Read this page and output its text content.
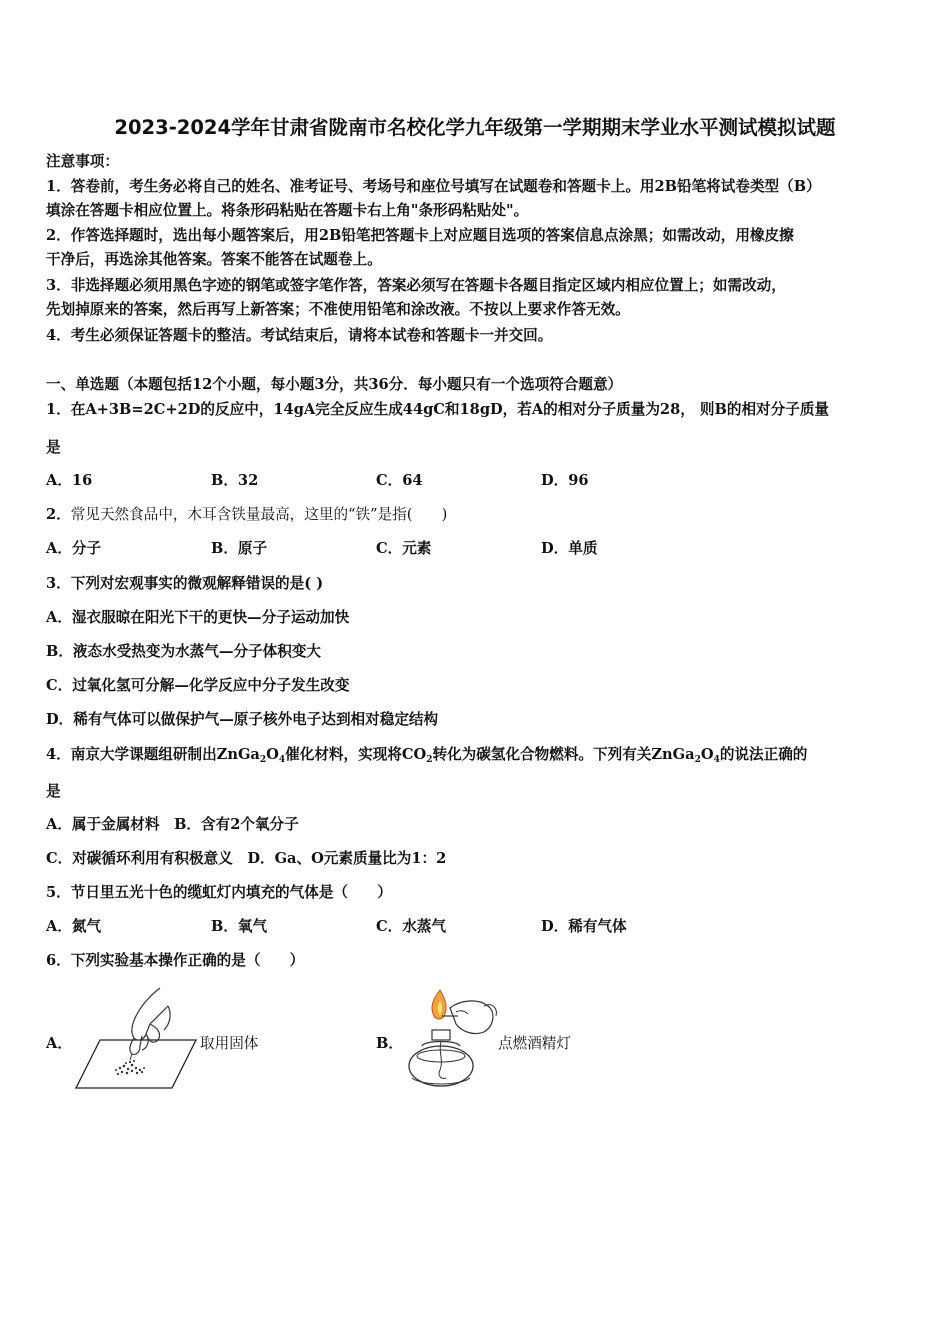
2023-2024学年甘肃省陇南市名校化学九年级第一学期期末学业水平测试模拟试题
注意事项：
1．答卷前，考生务必将自己的姓名、准考证号、考场号和座位号填写在试题卷和答题卡上。用2B铅笔将试卷类型（B）
填涂在答题卡相应位置上。将条形码粘贴在答题卡右上角"条形码粘贴处"。
2．作答选择题时，选出每小题答案后，用2B铅笔把答题卡上对应题目选项的答案信息点涂黑；如需改动，用橡皮擦
干净后，再选涂其他答案。答案不能答在试题卷上。
3．非选择题必须用黑色字迹的钢笔或签字笔作答，答案必须写在答题卡各题目指定区域内相应位置上；如需改动，
先划掉原来的答案，然后再写上新答案；不准使用铅笔和涂改液。不按以上要求作答无效。
4．考生必须保证答题卡的整洁。考试结束后，请将本试卷和答题卡一并交回。
一、单选题（本题包括12个小题，每小题3分，共36分．每小题只有一个选项符合题意）
1．在A+3B=2C+2D的反应中，14gA完全反应生成44gC和18gD，若A的相对分子质量为28， 则B的相对分子质量
是
A．16	B．32	C．64	D．96
2．常见天然食品中，木耳含铁量最高，这里的“铁”是指(　　)
A．分子	B．原子	C．元素	D．单质
3．下列对宏观事实的微观解释错误的是( )
A．湿衣服晾在阳光下干的更快—分子运动加快
B．液态水受热变为水蒸气—分子体积变大
C．过氧化氢可分解—化学反应中分子发生改变
D．稀有气体可以做保护气—原子核外电子达到相对稳定结构
4．南京大学课题组研制出$ZnGa_2O_4$催化材料，实现将$CO_2$转化为碳氢化合物燃料。下列有关$ZnGa_2O_4$的说法正确的
是
A．属于金属材料　B．含有2个氧分子
C．对碳循环利用有积极意义　D．Ga、O元素质量比为1：2
5．节日里五光十色的缆虹灯内填充的气体是（　　）
A．氮气	B．氧气	C．水蒸气	D．稀有气体
6．下列实验基本操作正确的是（　　）
A．	取用固体	B．	点燃酒精灯
